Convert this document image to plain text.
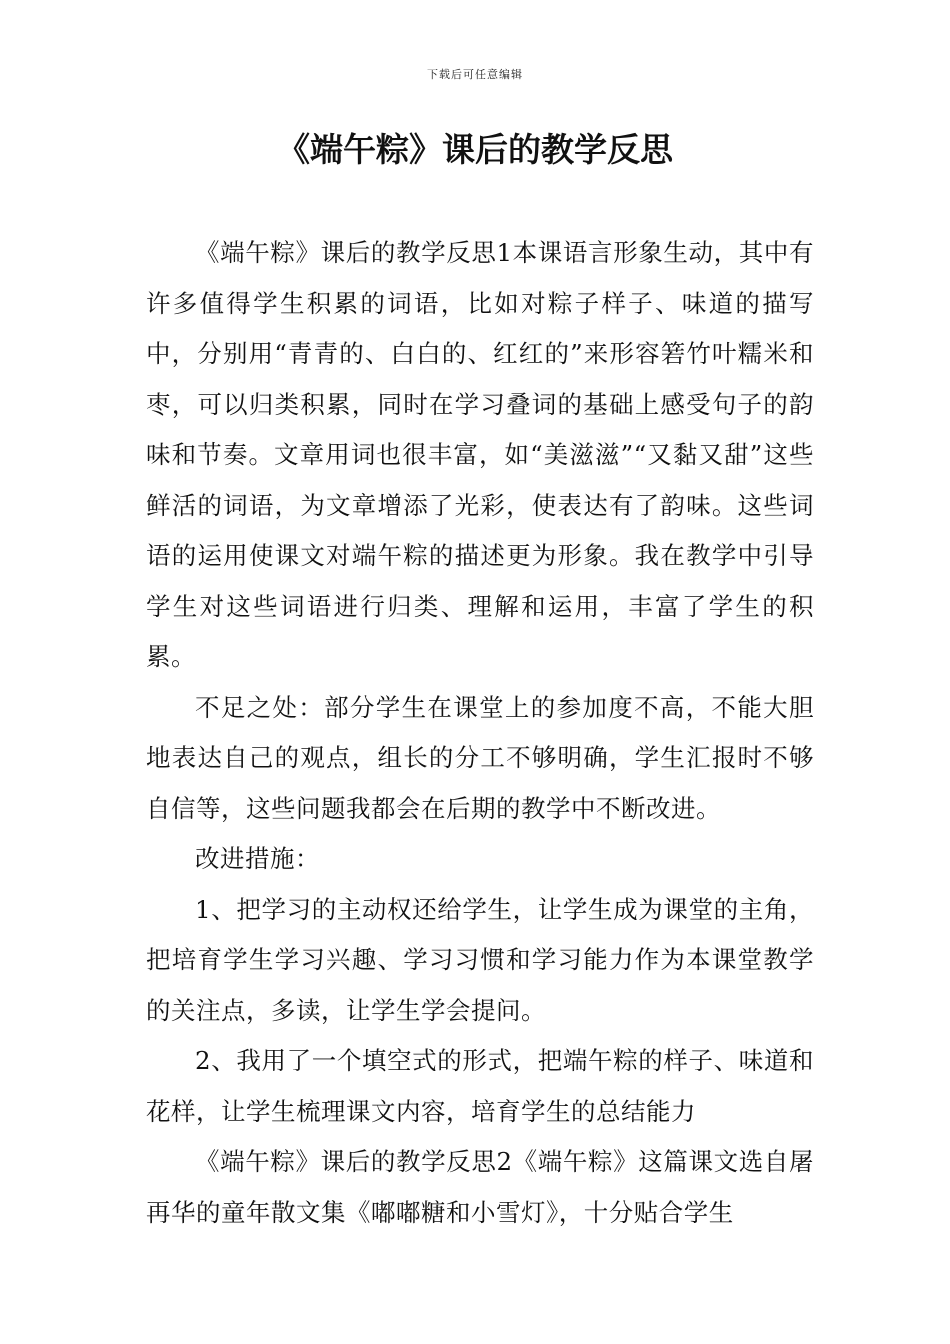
下载后可任意编辑
《端午粽》课后的教学反思

《端午粽》课后的教学反思1本课语言形象生动，其中有许多值得学生积累的词语，比如对粽子样子、味道的描写中，分别用“青青的、白白的、红红的”来形容箬竹叶糯米和枣，可以归类积累，同时在学习叠词的基础上感受句子的韵味和节奏。文章用词也很丰富，如“美滋滋”“又黏又甜”这些鲜活的词语，为文章增添了光彩，使表达有了韵味。这些词语的运用使课文对端午粽的描述更为形象。我在教学中引导学生对这些词语进行归类、理解和运用，丰富了学生的积累。

不足之处：部分学生在课堂上的参加度不高，不能大胆地表达自己的观点，组长的分工不够明确，学生汇报时不够自信等，这些问题我都会在后期的教学中不断改进。

改进措施：

1、把学习的主动权还给学生，让学生成为课堂的主角，把培育学生学习兴趣、学习习惯和学习能力作为本课堂教学的关注点，多读，让学生学会提问。

2、我用了一个填空式的形式，把端午粽的样子、味道和花样，让学生梳理课文内容，培育学生的总结能力

《端午粽》课后的教学反思2《端午粽》这篇课文选自屠再华的童年散文集《嘟嘟糖和小雪灯》，十分贴合学生
